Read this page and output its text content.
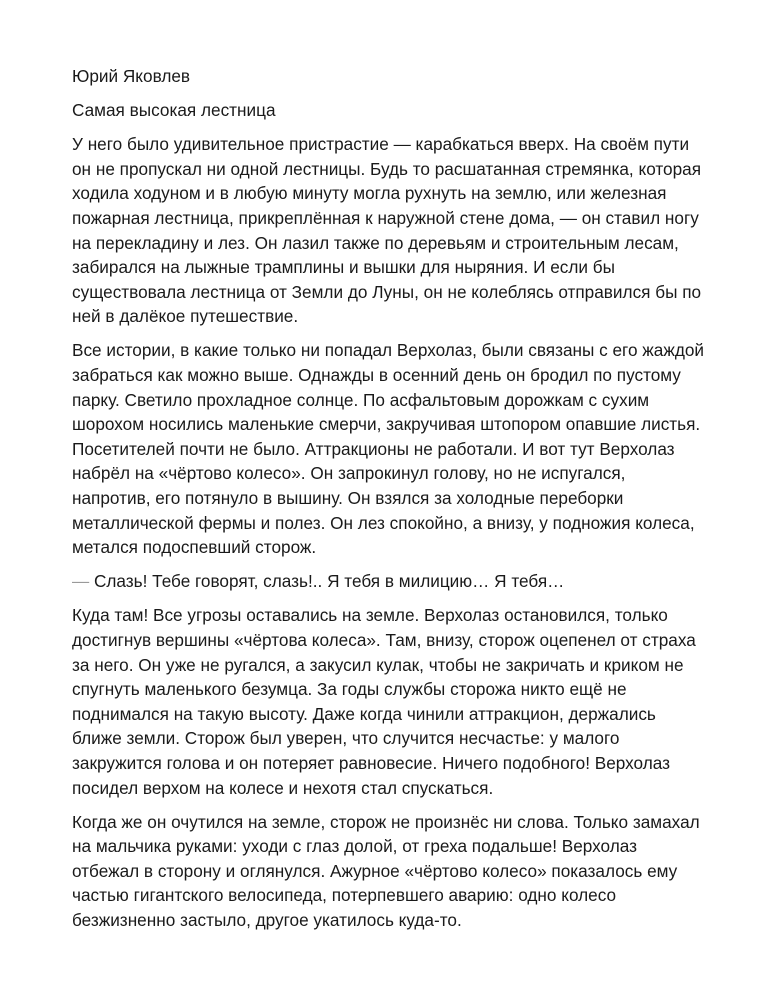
Юрий Яковлев
Самая высокая лестница
У него было удивительное пристрастие — карабкаться вверх. На своём пути
он не пропускал ни одной лестницы. Будь то расшатанная стремянка, которая
ходила ходуном и в любую минуту могла рухнуть на землю, или железная
пожарная лестница, прикреплённая к наружной стене дома, — он ставил ногу
на перекладину и лез. Он лазил также по деревьям и строительным лесам,
забирался на лыжные трамплины и вышки для ныряния. И если бы
существовала лестница от Земли до Луны, он не колеблясь отправился бы по
ней в далёкое путешествие.
Все истории, в какие только ни попадал Верхолаз, были связаны с его жаждой
забраться как можно выше. Однажды в осенний день он бродил по пустому
парку. Светило прохладное солнце. По асфальтовым дорожкам с сухим
шорохом носились маленькие смерчи, закручивая штопором опавшие листья.
Посетителей почти не было. Аттракционы не работали. И вот тут Верхолаз
набрёл на «чёртово колесо». Он запрокинул голову, но не испугался,
напротив, его потянуло в вышину. Он взялся за холодные переборки
металлической фермы и полез. Он лез спокойно, а внизу, у подножия колеса,
метался подоспевший сторож.
— Слазь! Тебе говорят, слазь!.. Я тебя в милицию… Я тебя…
Куда там! Все угрозы оставались на земле. Верхолаз остановился, только
достигнув вершины «чёртова колеса». Там, внизу, сторож оцепенел от страха
за него. Он уже не ругался, а закусил кулак, чтобы не закричать и криком не
спугнуть маленького безумца. За годы службы сторожа никто ещё не
поднимался на такую высоту. Даже когда чинили аттракцион, держались
ближе земли. Сторож был уверен, что случится несчастье: у малого
закружится голова и он потеряет равновесие. Ничего подобного! Верхолаз
посидел верхом на колесе и нехотя стал спускаться.
Когда же он очутился на земле, сторож не произнёс ни слова. Только замахал
на мальчика руками: уходи с глаз долой, от греха подальше! Верхолаз
отбежал в сторону и оглянулся. Ажурное «чёртово колесо» показалось ему
частью гигантского велосипеда, потерпевшего аварию: одно колесо
безжизненно застыло, другое укатилось куда-то.
